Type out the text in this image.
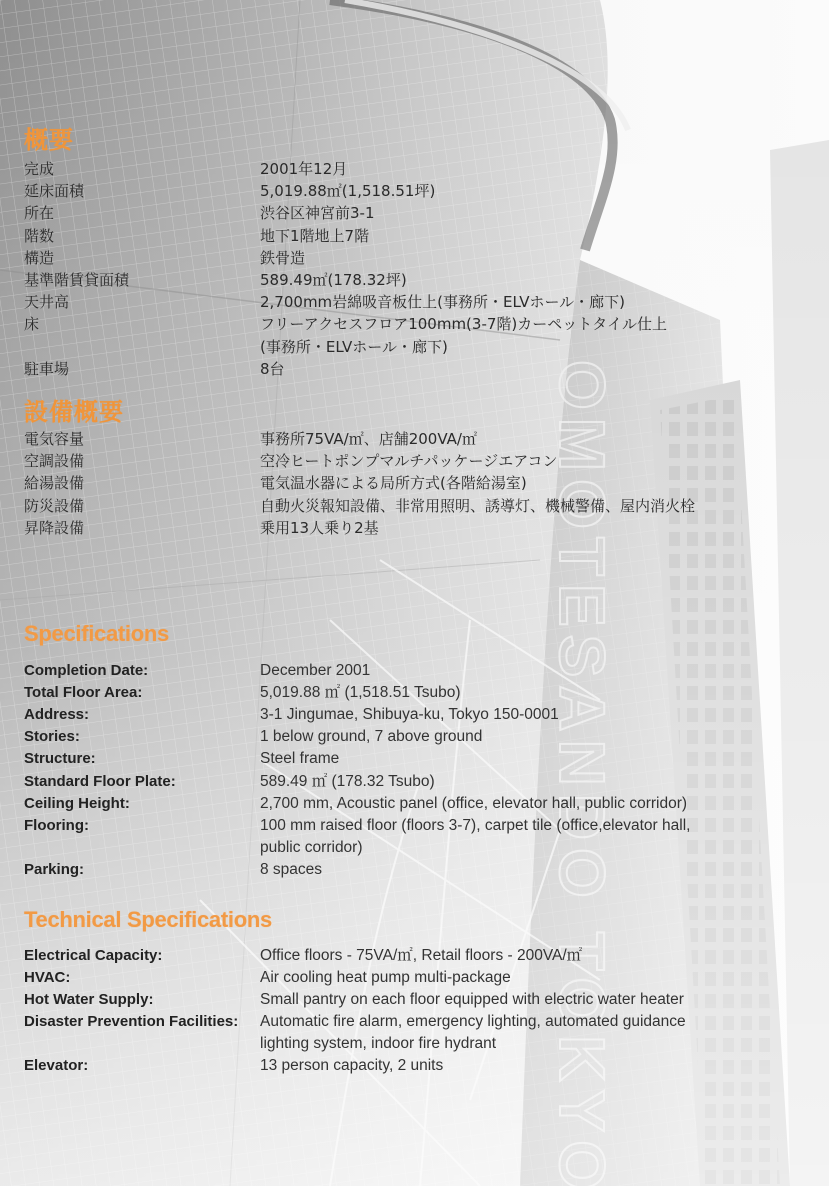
概要
完成	2001年12月
延床面積	5,019.88㎡(1,518.51坪)
所在	渋谷区神宮前3-1
階数	地下1階地上7階
構造	鉄骨造
基準階賃貸面積	589.49㎡(178.32坪)
天井高	2,700mm岩綿吸音板仕上(事務所・ELVホール・廊下)
床	フリーアクセスフロア100mm(3-7階)カーペットタイル仕上
(事務所・ELVホール・廊下)
駐車場	8台
設備概要
電気容量	事務所75VA/㎡、店舗200VA/㎡
空調設備	空冷ヒートポンプマルチパッケージエアコン
給湯設備	電気温水器による局所方式(各階給湯室)
防災設備	自動火災報知設備、非常用照明、誘導灯、機械警備、屋内消火栓
昇降設備	乗用13人乗り2基
Specifications
Completion Date:	December 2001
Total Floor Area:	5,019.88 ㎡ (1,518.51 Tsubo)
Address:	3-1 Jingumae, Shibuya-ku, Tokyo 150-0001
Stories:	1 below ground, 7 above ground
Structure:	Steel frame
Standard Floor Plate:	589.49 ㎡ (178.32 Tsubo)
Ceiling Height:	2,700 mm, Acoustic panel (office, elevator hall, public corridor)
Flooring:	100 mm raised floor (floors 3-7), carpet tile (office,elevator hall,
public corridor)
Parking:	8 spaces
Technical Specifications
Electrical Capacity:	Office floors - 75VA/㎡, Retail floors - 200VA/㎡
HVAC:	Air cooling heat pump multi-package
Hot Water Supply:	Small pantry on each floor equipped with electric water heater
Disaster Prevention Facilities: Automatic fire alarm, emergency lighting, automated guidance
lighting system, indoor fire hydrant
Elevator:	13 person capacity, 2 units
